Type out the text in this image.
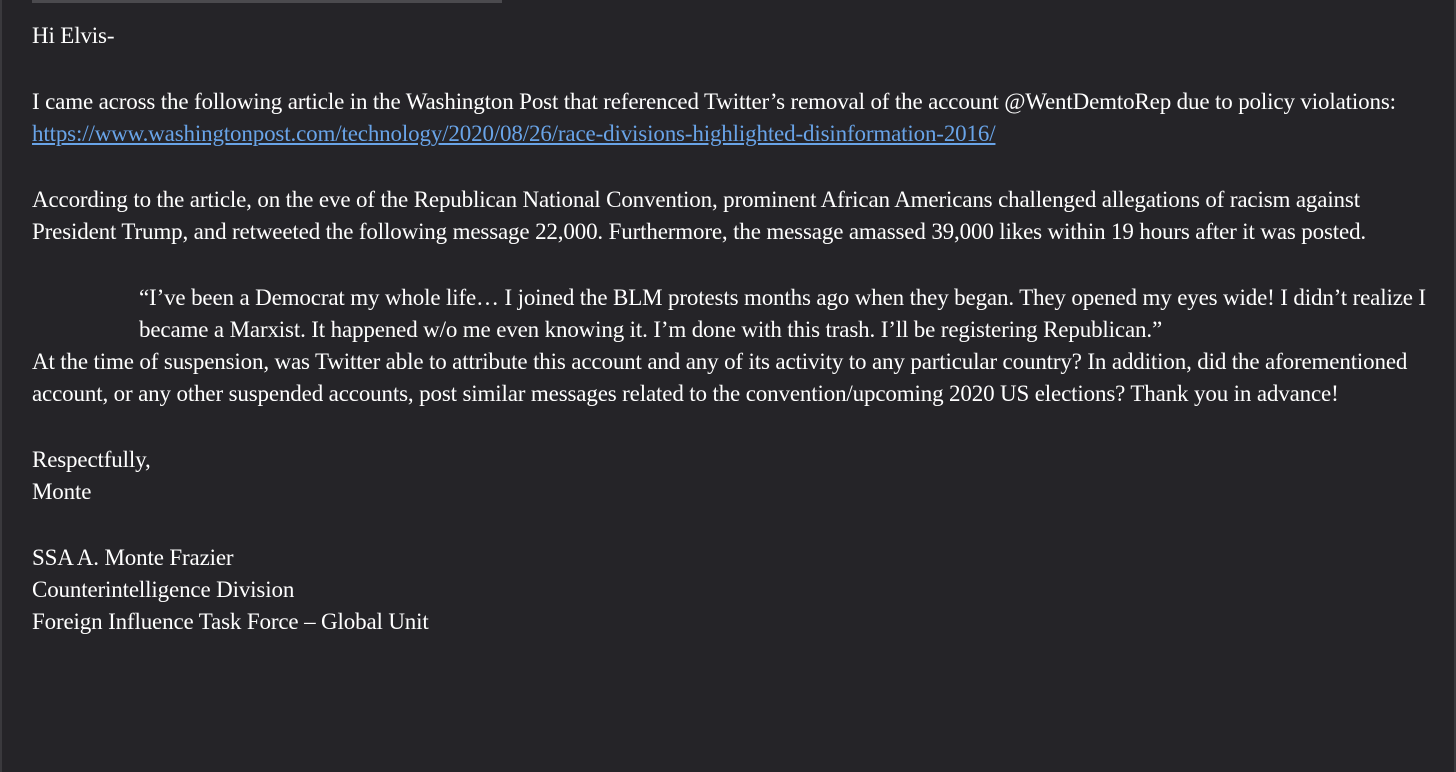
Hi Elvis-

I came across the following article in the Washington Post that referenced Twitter’s removal of the account @WentDemtoRep due to policy violations: https://www.washingtonpost.com/technology/2020/08/26/race-divisions-highlighted-disinformation-2016/

According to the article, on the eve of the Republican National Convention, prominent African Americans challenged allegations of racism against President Trump, and retweeted the following message 22,000. Furthermore, the message amassed 39,000 likes within 19 hours after it was posted.

“I’ve been a Democrat my whole life… I joined the BLM protests months ago when they began. They opened my eyes wide! I didn’t realize I became a Marxist. It happened w/o me even knowing it. I’m done with this trash. I’ll be registering Republican.”

At the time of suspension, was Twitter able to attribute this account and any of its activity to any particular country? In addition, did the aforementioned account, or any other suspended accounts, post similar messages related to the convention/upcoming 2020 US elections? Thank you in advance!

Respectfully,
Monte

SSA A. Monte Frazier
Counterintelligence Division
Foreign Influence Task Force – Global Unit
